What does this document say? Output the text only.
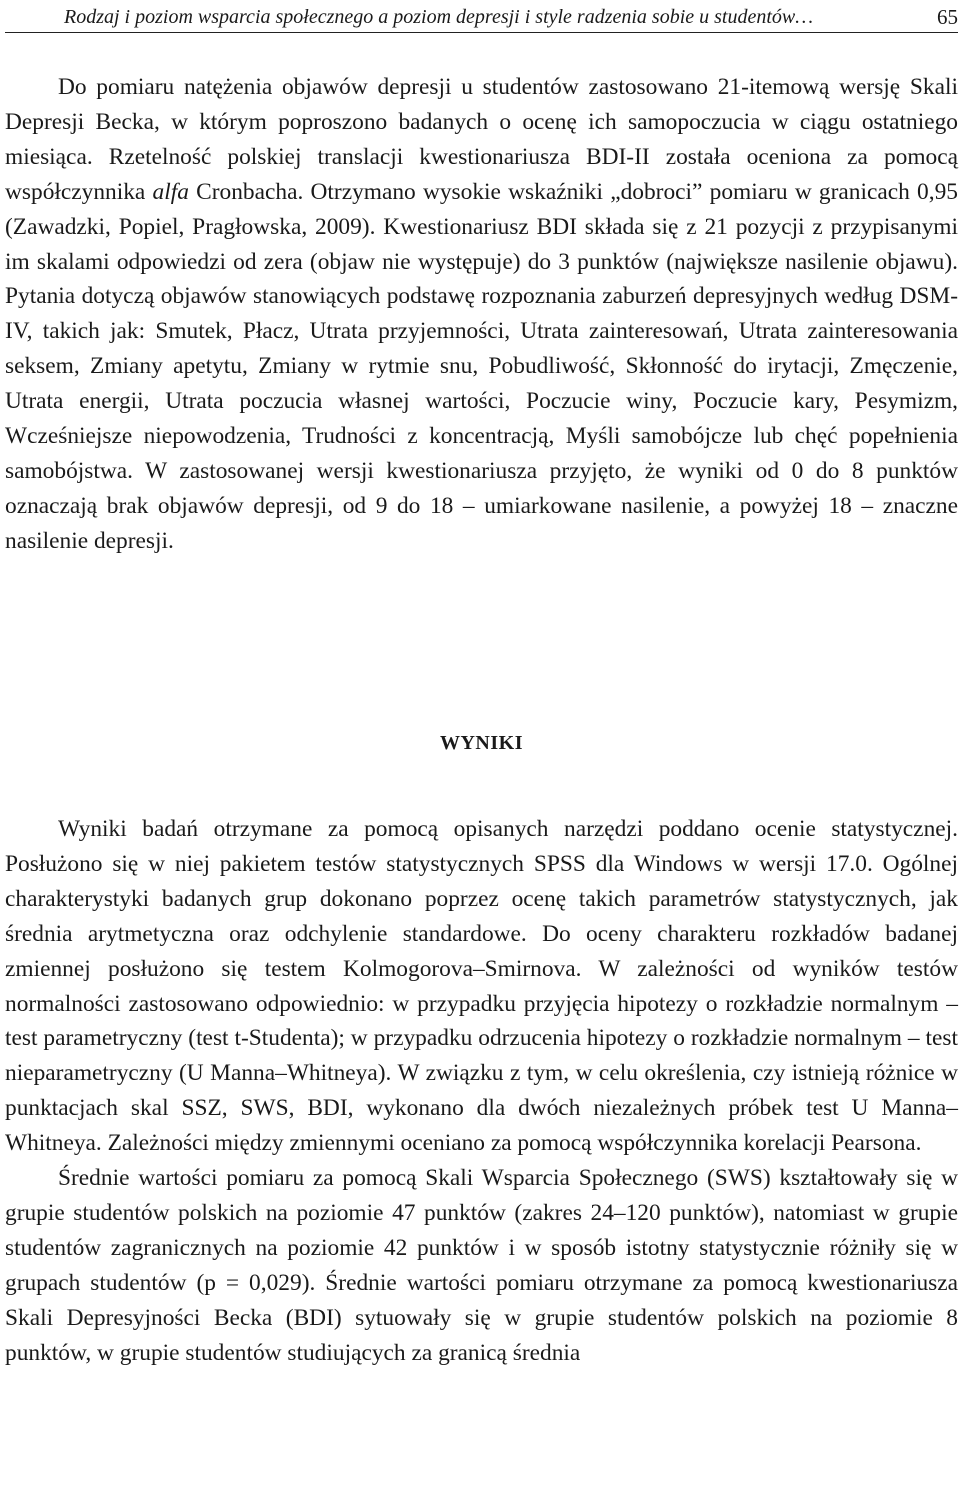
Rodzaj i poziom wsparcia społecznego a poziom depresji i style radzenia sobie u studentów…	65

Do pomiaru natężenia objawów depresji u studentów zastosowano 21-itemową wersję Skali Depresji Becka, w którym poproszono badanych o ocenę ich samopoczucia w ciągu ostatniego miesiąca. Rzetelność polskiej translacji kwestionariusza BDI-II została oceniona za pomocą współczynnika alfa Cronbacha. Otrzymano wysokie wskaźniki „dobroci” pomiaru w granicach 0,95 (Zawadzki, Popiel, Pragłowska, 2009). Kwestionariusz BDI składa się z 21 pozycji z przypisanymi im skalami odpowiedzi od zera (objaw nie występuje) do 3 punktów (największe nasilenie objawu). Pytania dotyczą objawów stanowiących podstawę rozpoznania zaburzeń depresyjnych według DSM-IV, takich jak: Smutek, Płacz, Utrata przyjemności, Utrata zainteresowań, Utrata zainteresowania seksem, Zmiany apetytu, Zmiany w rytmie snu, Pobudliwość, Skłonność do irytacji, Zmęczenie, Utrata energii, Utrata poczucia własnej wartości, Poczucie winy, Poczucie kary, Pesymizm, Wcześniejsze niepowodzenia, Trudności z koncentracją, Myśli samobójcze lub chęć popełnienia samobójstwa. W zastosowanej wersji kwestionariusza przyjęto, że wyniki od 0 do 8 punktów oznaczają brak objawów depresji, od 9 do 18 – umiarkowane nasilenie, a powyżej 18 – znaczne nasilenie depresji.

WYNIKI

Wyniki badań otrzymane za pomocą opisanych narzędzi poddano ocenie statystycznej. Posłużono się w niej pakietem testów statystycznych SPSS dla Windows w wersji 17.0. Ogólnej charakterystyki badanych grup dokonano poprzez ocenę takich parametrów statystycznych, jak średnia arytmetyczna oraz odchylenie standardowe. Do oceny charakteru rozkładów badanej zmiennej posłużono się testem Kolmogorova–Smirnova. W zależności od wyników testów normalności zastosowano odpowiednio: w przypadku przyjęcia hipotezy o rozkładzie normalnym – test parametryczny (test t-Studenta); w przypadku odrzucenia hipotezy o rozkładzie normalnym – test nieparametryczny (U Manna–Whitneya). W związku z tym, w celu określenia, czy istnieją różnice w punktacjach skal SSZ, SWS, BDI, wykonano dla dwóch niezależnych próbek test U Manna–Whitneya. Zależności między zmiennymi oceniano za pomocą współczynnika korelacji Pearsona.

Średnie wartości pomiaru za pomocą Skali Wsparcia Społecznego (SWS) kształtowały się w grupie studentów polskich na poziomie 47 punktów (zakres 24–120 punktów), natomiast w grupie studentów zagranicznych na poziomie 42 punktów i w sposób istotny statystycznie różniły się w grupach studentów (p = 0,029). Średnie wartości pomiaru otrzymane za pomocą kwestionariusza Skali Depresyjności Becka (BDI) sytuowały się w grupie studentów polskich na poziomie 8 punktów, w grupie studentów studiujących za granicą średnia
